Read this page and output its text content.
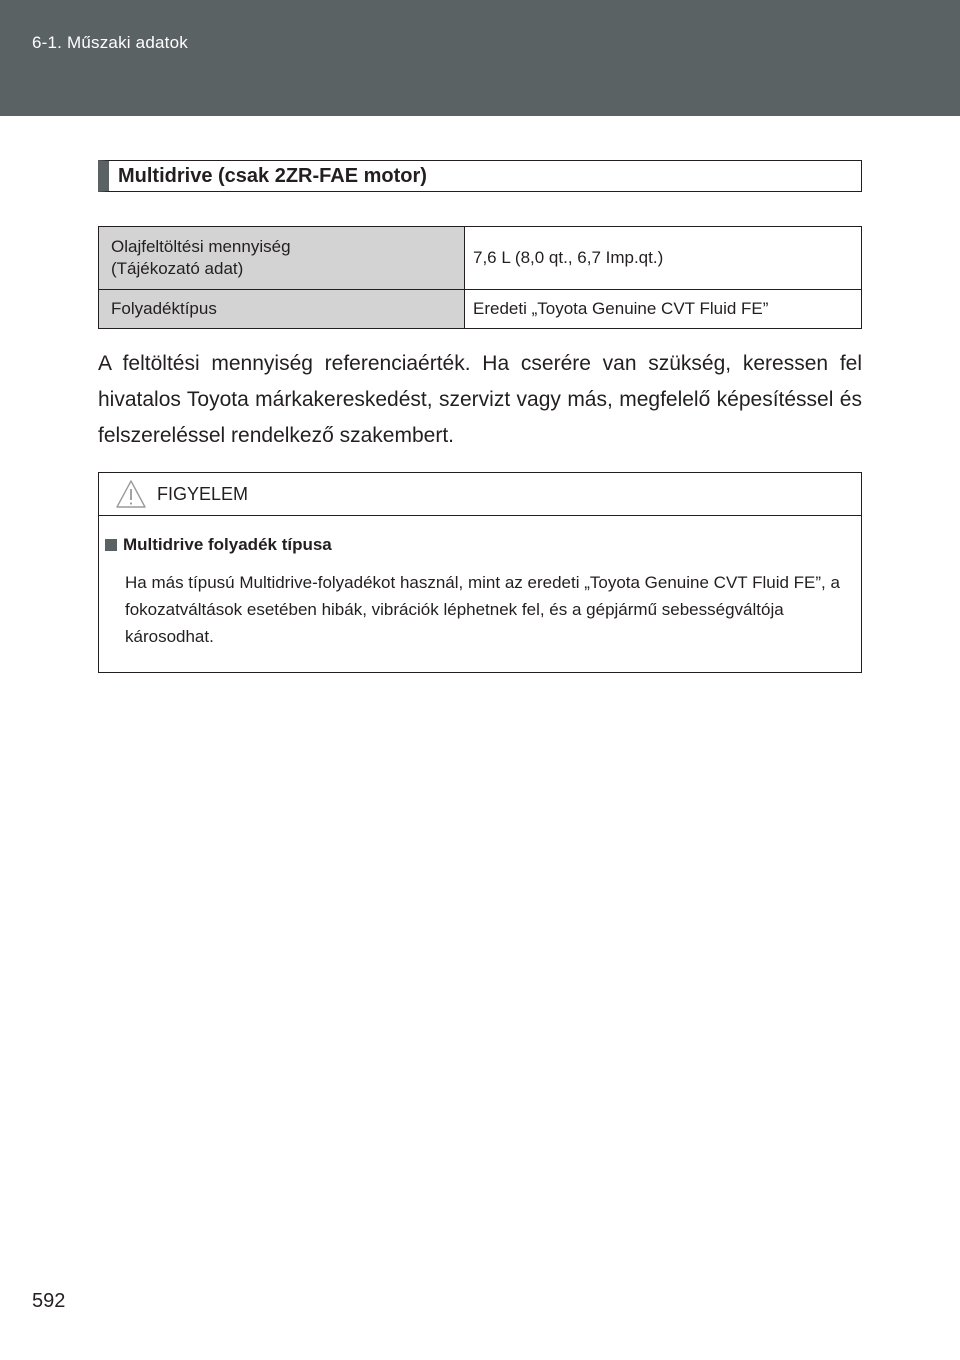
6-1. Műszaki adatok
Multidrive (csak 2ZR-FAE motor)
Olajfeltöltési mennyiség
(Tájékozató adat)	7,6 L (8,0 qt., 6,7 Imp.qt.)

Folyadéktípus	Eredeti „Toyota Genuine CVT Fluid FE”
A feltöltési mennyiség referenciaérték. Ha cserére van szükség, keressen fel hivatalos Toyota márkakereskedést, szervizt vagy más, megfelelő képesítéssel és felszereléssel rendelkező szakembert.
FIGYELEM
Multidrive folyadék típusa
Ha más típusú Multidrive-folyadékot használ, mint az eredeti „Toyota Genuine CVT Fluid FE”, a fokozatváltások esetében hibák, vibrációk léphetnek fel, és a gépjármű sebességváltója károsodhat.
592
